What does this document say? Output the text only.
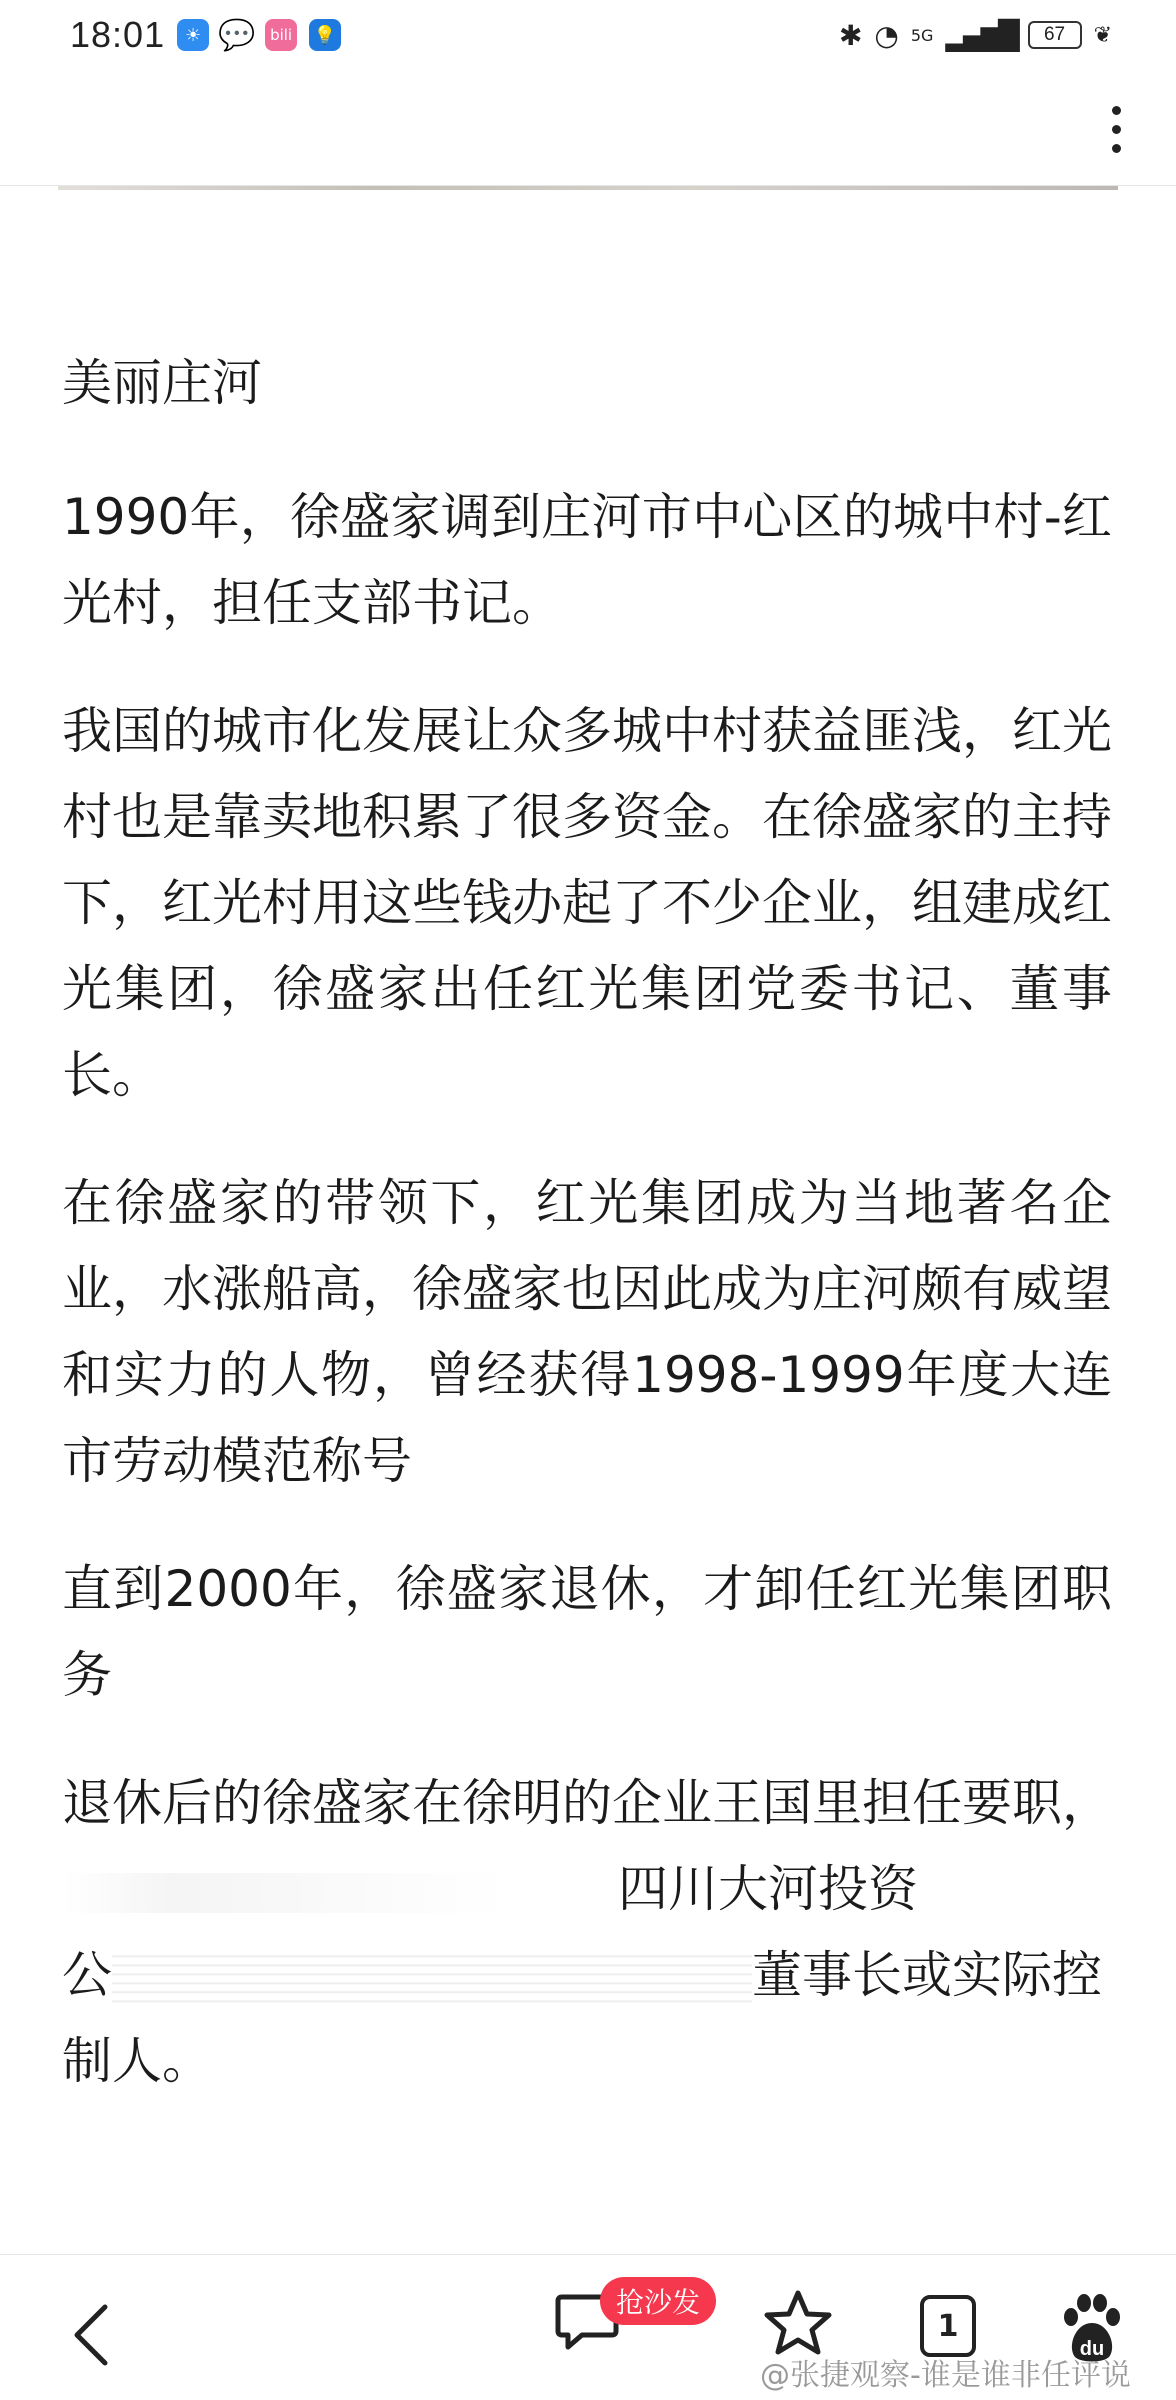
18:01	☀ 💬 bili 💡	✱ ◔ 5G ▂▄▆█	67	❦

美丽庄河

1990年，徐盛家调到庄河市中心区的城中村-红光村，担任支部书记。

我国的城市化发展让众多城中村获益匪浅，红光村也是靠卖地积累了很多资金。在徐盛家的主持下，红光村用这些钱办起了不少企业，组建成红光集团，徐盛家出任红光集团党委书记、董事长。

在徐盛家的带领下，红光集团成为当地著名企业，水涨船高，徐盛家也因此成为庄河颇有威望和实力的人物，曾经获得1998-1999年度大连市劳动模范称号

直到2000年，徐盛家退休，才卸任红光集团职务

退休后的徐盛家在徐明的企业王国里担任要职，四川大河投资
公	董事长或实际控制人。

抢沙发
1
du
@张捷观察-谁是谁非任评说
